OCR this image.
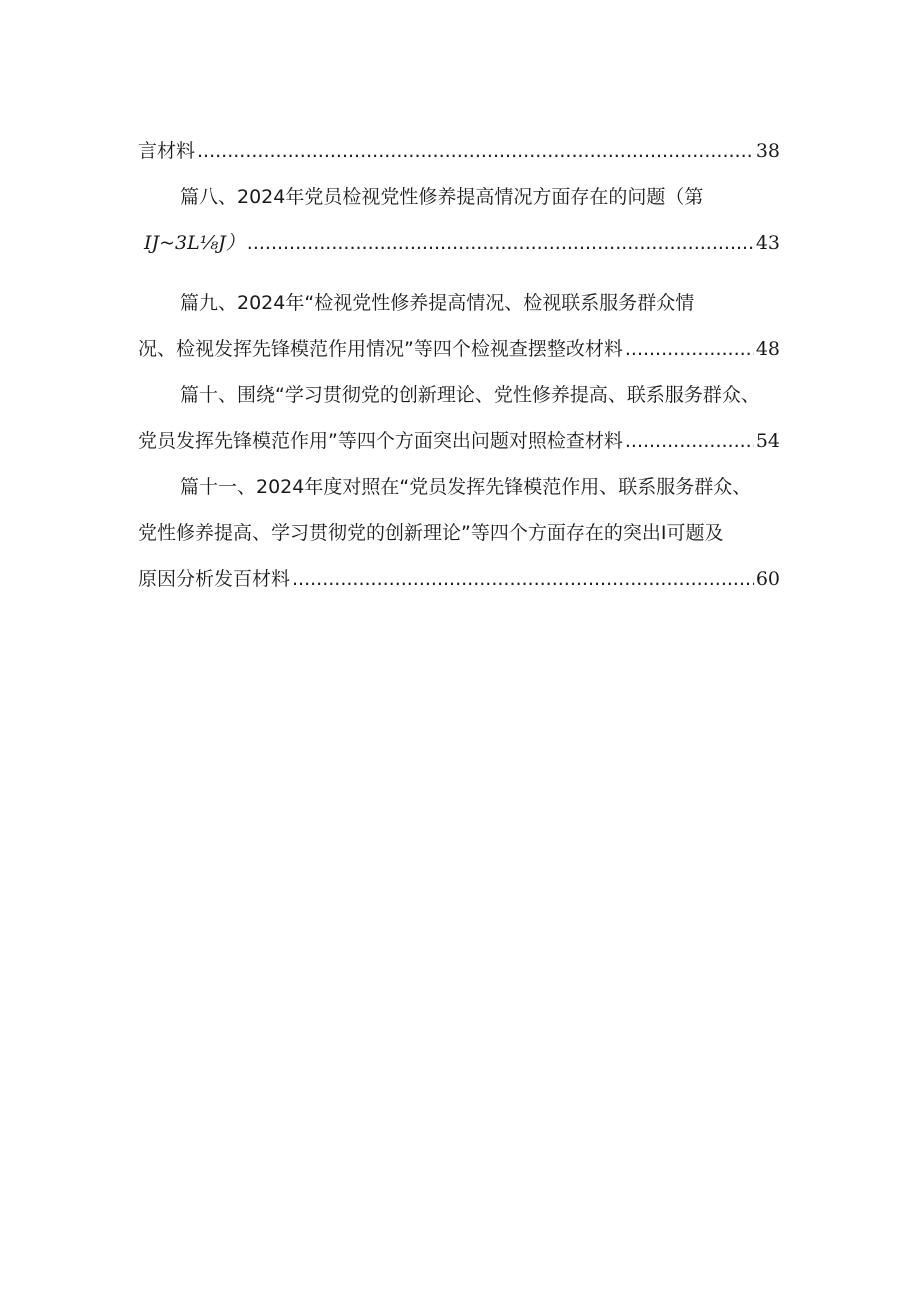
言材料 .....	38
篇八、2024年党员检视党性修养提高情况方面存在的问题（第
IJ~3L⅛J） .....	43
篇九、2024年“检视党性修养提高情况、检视联系服务群众情
况、检视发挥先锋模范作用情况”等四个检视查摆整改材料 .....	48
篇十、围绕“学习贯彻党的创新理论、党性修养提高、联系服务群众、
党员发挥先锋模范作用”等四个方面突出问题对照检查材料 .....	54
篇十一、2024年度对照在“党员发挥先锋模范作用、联系服务群众、
党性修养提高、学习贯彻党的创新理论”等四个方面存在的突出I可题及
原因分析发百材料 .....	60
